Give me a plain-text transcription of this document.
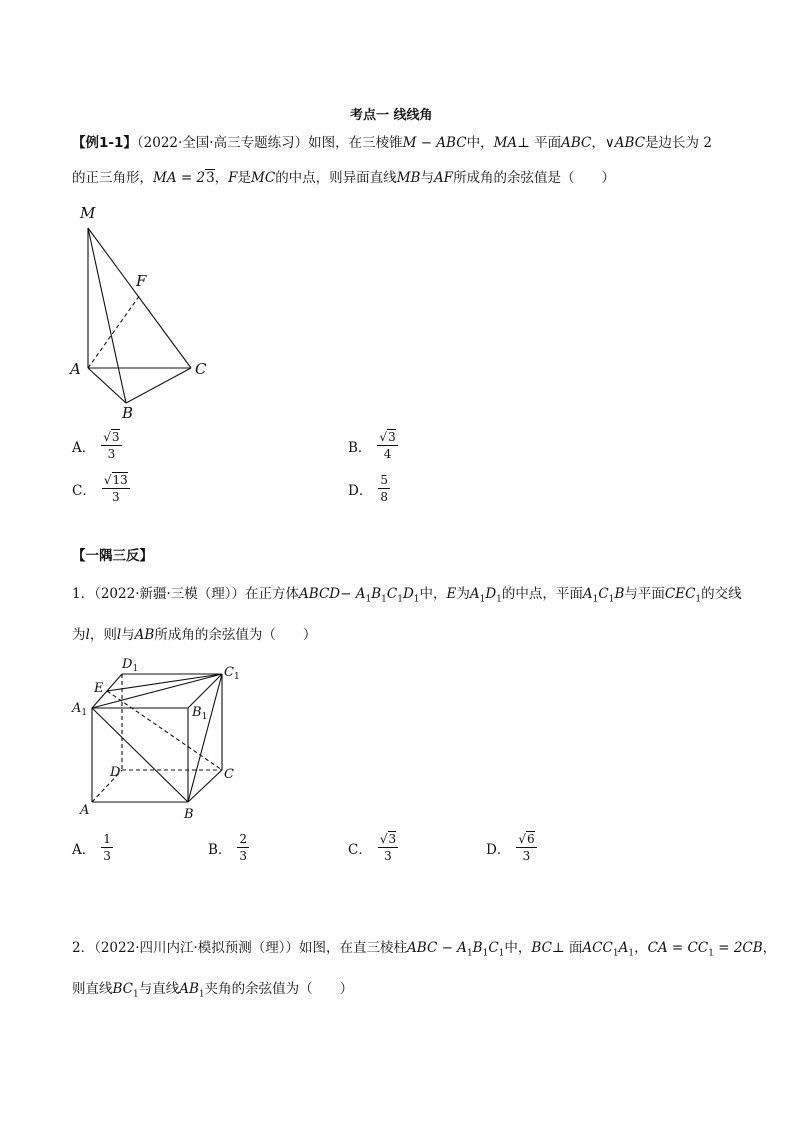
考点一 线线角
【例1-1】（2022·全国·高三专题练习）如图，在三棱锥M − ABC中，MA⊥ 平面ABC，∨ABC是边长为 2
的正三角形，MA = 23，F是MC的中点，则异面直线MB与AF所成角的余弦值是（　　）
M
F
A	C
B
A． $\frac{√3}{3}$	B． $\frac{√3}{4}$
C． $\frac{√13}{3}$	D． $\frac{5}{8}$
【一隅三反】
1．（2022·新疆·三模（理））在正方体ABCD− $A_1B_1C_1D_1$中，E为$A_1D_1$的中点，平面$A_1C_1B$与平面$CEC_1$的交线
为l，则l与AB所成角的余弦值为（　　）
$D_1$	$C_1$
E
$A_1$	$B_1$
D	C
A	B
A． $\frac{1}{3}$	B． $\frac{2}{3}$	C． $\frac{√3}{3}$	D． $\frac{√6}{3}$
2．（2022·四川内江·模拟预测（理））如图，在直三棱柱ABC − $A_1B_1C_1$中，BC⊥ 面$ACC_1A_1$，CA = $CC_1 = 2CB$，
则直线$BC_1$与直线$AB_1$夹角的余弦值为（　　）
